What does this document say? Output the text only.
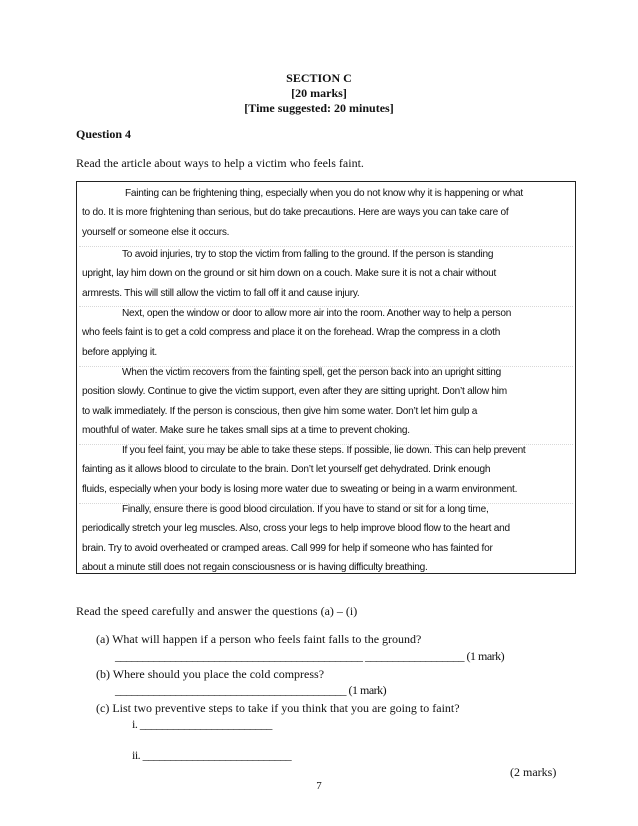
SECTION C
[20 marks]
[Time suggested: 20 minutes]
Question 4
Read the article about ways to help a victim who feels faint.
Fainting can be frightening thing, especially when you do not know why it is happening or what
to do. It is more frightening than serious, but do take precautions. Here are ways you can take care of
yourself or someone else it occurs.
To avoid injuries, try to stop the victim from falling to the ground. If the person is standing
upright, lay him down on the ground or sit him down on a couch. Make sure it is not a chair without
armrests. This will still allow the victim to fall off it and cause injury.
Next, open the window or door to allow more air into the room. Another way to help a person
who feels faint is to get a cold compress and place it on the forehead. Wrap the compress in a cloth
before applying it.
When the victim recovers from the fainting spell, get the person back into an upright sitting
position slowly. Continue to give the victim support, even after they are sitting upright. Don’t allow him
to walk immediately. If the person is conscious, then give him some water. Don’t let him gulp a
mouthful of water. Make sure he takes small sips at a time to prevent choking.
If you feel faint, you may be able to take these steps. If possible, lie down. This can help prevent
fainting as it allows blood to circulate to the brain. Don’t let yourself get dehydrated. Drink enough
fluids, especially when your body is losing more water due to sweating or being in a warm environment.
Finally, ensure there is good blood circulation. If you have to stand or sit for a long time,
periodically stretch your leg muscles. Also, cross your legs to help improve blood flow to the heart and
brain. Try to avoid overheated or cramped areas. Call 999 for help if someone who has fainted for
about a minute still does not regain consciousness or is having difficulty breathing.
Read the speed carefully and answer the questions (a) – (i)
(a) What will happen if a person who feels faint falls to the ground?
_____________________________________________ __________________ (1 mark)
(b) Where should you place the cold compress?
__________________________________________ (1 mark)
(c) List two preventive steps to take if you think that you are going to faint?
i. ________________________
ii. ___________________________
(2 marks)
7
